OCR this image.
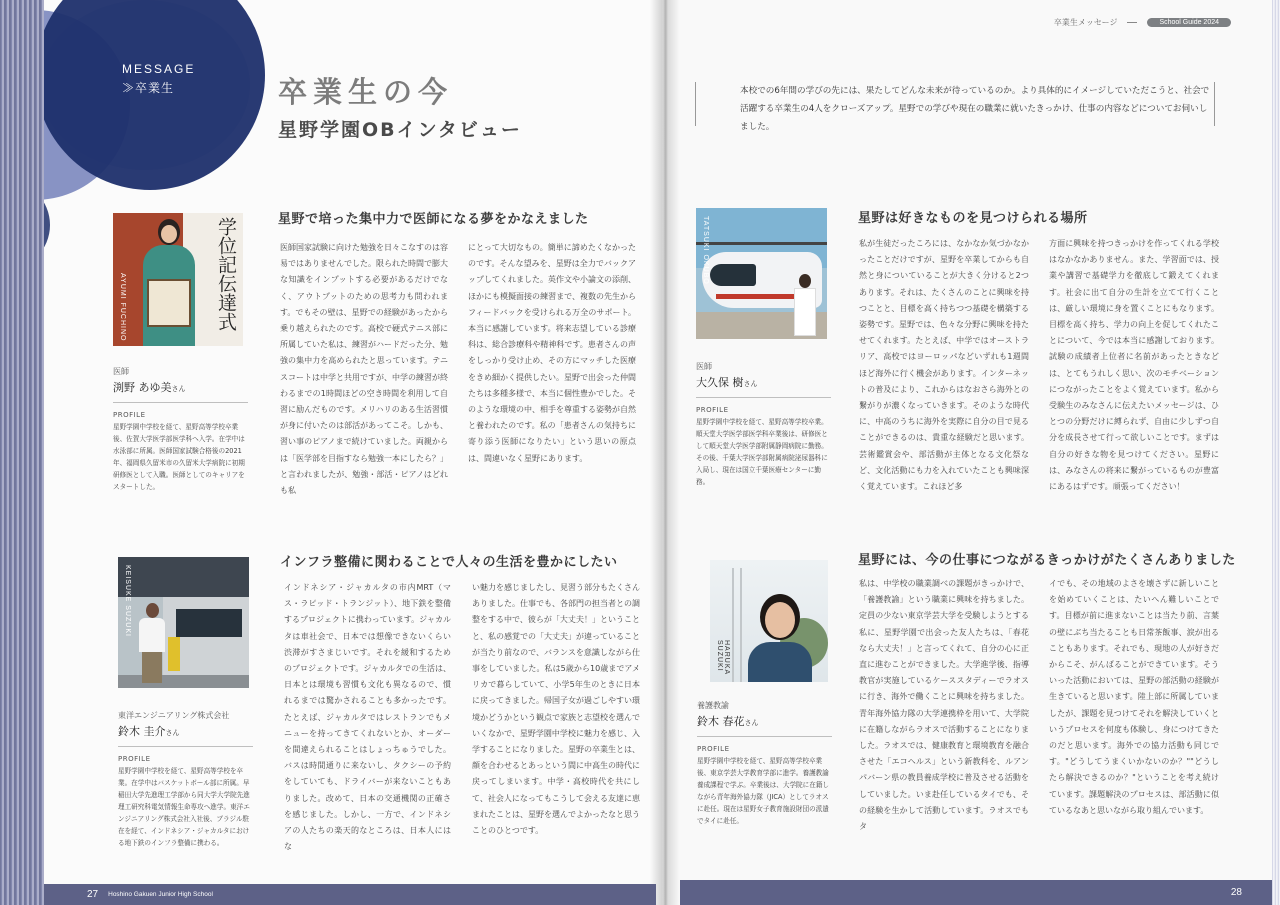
MESSAGE
≫卒業生	卒業生の今
星野学園OBインタビュー
学位記伝達式
AYUMI FUCHINO
星野で培った集中力で医師になる夢をかなえました
医師
渕野 あゆ美さん
PROFILE
星野学園中学校を経て、星野高等学校卒業後、佐賀大学医学部医学科へ入学。在学中は水泳部に所属。医師国家試験合格後の2021年、福岡県久留米市の久留米大学病院に初期研修医として入職。医師としてのキャリアをスタートした。
医師国家試験に向けた勉強を日々こなすのは容易ではありませんでした。限られた時間で膨大な知識をインプットする必要があるだけでなく、アウトプットのための思考力も問われます。でもその壁は、星野での経験があったから乗り越えられたのです。高校で硬式テニス部に所属していた私は、練習がハードだった分、勉強の集中力を高められたと思っています。テニスコートは中学と共用ですが、中学の練習が終わるまでの1時間ほどの空き時間を利用して自習に励んだものです。メリハリのある生活習慣が身に付いたのは部活があってこそ。しかも、習い事のピアノまで続けていました。両親からは「医学部を目指すなら勉強一本にしたら？」と言われましたが、勉強・部活・ピアノはどれも私
にとって大切なもの。簡単に諦めたくなかったのです。そんな望みを、星野は全力でバックアップしてくれました。英作文や小論文の添削、ほかにも模擬面接の練習まで、複数の先生からフィードバックを受けられる万全のサポート。本当に感謝しています。将来志望している診療科は、総合診療科や精神科です。患者さんの声をしっかり受け止め、その方にマッチした医療をきめ細かく提供したい。星野で出会った仲間たちは多種多様で、本当に個性豊かでした。そのような環境の中、相手を尊重する姿勢が自然と養われたのです。私の「患者さんの気持ちに寄り添う医師になりたい」という思いの原点は、間違いなく星野にあります。
KEISUKE SUZUKI
インフラ整備に関わることで人々の生活を豊かにしたい
東洋エンジニアリング株式会社
鈴木 圭介さん
PROFILE
星野学園中学校を経て、星野高等学校を卒業。在学中はバスケットボール部に所属。早稲田大学先進理工学部から同大学大学院先進理工研究科電気情報生命専攻へ進学。東洋エンジニアリング株式会社入社後、ブラジル駐在を経て、インドネシア・ジャカルタにおける地下鉄のインフラ整備に携わる。
インドネシア・ジャカルタの市内MRT（マス・ラピッド・トランジット）、地下鉄を整備するプロジェクトに携わっています。ジャカルタは車社会で、日本では想像できないくらい渋滞がすさまじいです。それを緩和するためのプロジェクトです。ジャカルタでの生活は、日本とは環境も習慣も文化も異なるので、慣れるまでは驚かされることも多かったです。たとえば、ジャカルタではレストランでもメニューを持ってきてくれないとか、オーダーを間違えられることはしょっちゅうでした。バスは時間通りに来ないし、タクシーの予約をしていても、ドライバーが来ないこともありました。改めて、日本の交通機関の正確さを感じました。しかし、一方で、インドネシアの人たちの楽天的なところは、日本人にはな
い魅力を感じましたし、見習う部分もたくさんありました。仕事でも、各部門の担当者との調整をする中で、彼らが「大丈夫！」ということと、私の感覚での「大丈夫」が違っていることが当たり前なので、バランスを意識しながら仕事をしていました。私は5歳から10歳までアメリカで暮らしていて、小学5年生のときに日本に戻ってきました。帰国子女が過ごしやすい環境かどうかという観点で家族と志望校を選んでいくなかで、星野学園中学校に魅力を感じ、入学することになりました。星野の卒業生とは、顔を合わせるとあっという間に中高生の時代に戻ってしまいます。中学・高校時代を共にして、社会人になってもこうして会える友達に恵まれたことは、星野を選んでよかったなと思うことのひとつです。
卒業生メッセージ	School Guide 2024
本校での6年間の学びの先には、果たしてどんな未来が待っているのか。より具体的にイメージしていただこうと、社会で活躍する卒業生の4人をクローズアップ。星野での学びや現在の職業に就いたきっかけ、仕事の内容などについてお伺いしました。
TATSUKI OKUBO	星野は好きなものを見つけられる場所
医師
大久保 樹さん
PROFILE
星野学園中学校を経て、星野高等学校卒業。順天堂大学医学部医学科卒業後は、研修医として順天堂大学医学部附属静岡病院に勤務。その後、千葉大学医学部附属病院泌尿器科に入局し、現在は国立千葉医療センターに勤務。
私が生徒だったころには、なかなか気づかなかったことだけですが、星野を卒業してからも自然と身についていることが大きく分けると2つあります。それは、たくさんのことに興味を持つことと、目標を高く持ちつつ基礎を構築する姿勢です。星野では、色々な分野に興味を持たせてくれます。たとえば、中学ではオーストラリア、高校ではヨーロッパなどいずれも1週間ほど海外に行く機会があります。インターネットの普及により、これからはなおさら海外との繋がりが濃くなっていきます。そのような時代に、中高のうちに海外を実際に自分の目で見ることができるのは、貴重な経験だと思います。芸術鑑賞会や、部活動が主体となる文化祭など、文化活動にも力を入れていたことも興味深く覚えています。これほど多
方面に興味を持つきっかけを作ってくれる学校はなかなかありません。また、学習面では、授業や講習で基礎学力を徹底して鍛えてくれます。社会に出て自分の生計を立てて行くことは、厳しい環境に身を置くことにもなります。目標を高く持ち、学力の向上を促してくれたことについて、今では本当に感謝しております。試験の成績者上位者に名前があったときなどは、とてもうれしく思い、次のモチベーションにつながったことをよく覚えています。私から受験生のみなさんに伝えたいメッセージは、ひとつの分野だけに縛られず、自由に少しずつ自分を成長させて行って欲しいことです。まずは自分の好きな物を見つけてください。星野には、みなさんの将来に繋がっているものが豊富にあるはずです。頑張ってください！
HARUKA SUZUKI
星野には、今の仕事につながるきっかけがたくさんありました
養護教諭
鈴木 春花さん
PROFILE
星野学園中学校を経て、星野高等学校卒業後、東京学芸大学教育学部に進学。養護教諭養成課程で学ぶ。卒業後は、大学院に在籍しながら青年海外協力隊（JICA）としてラオスに赴任。現在は星野女子教育施設財団の派遣でタイに赴任。
私は、中学校の職業調べの課題がきっかけで、「養護教諭」という職業に興味を持ちました。定員の少ない東京学芸大学を受験しようとする私に、星野学園で出会った友人たちは、「春花なら大丈夫！」と言ってくれて、自分の心に正直に進むことができました。大学進学後、指導教官が実施しているケーススタディーでラオスに行き、海外で働くことに興味を持ちました。青年海外協力隊の大学連携枠を用いて、大学院に在籍しながらラオスで活動することになりました。ラオスでは、健康教育と環境教育を融合させた「エコヘルス」という新教科を、ルアンパバーン県の教員養成学校に普及させる活動をしていました。いま赴任しているタイでも、その経験を生かして活動しています。ラオスでもタ
イでも、その地域のよさを壊さずに新しいことを始めていくことは、たいへん難しいことです。目標が前に進まないことは当たり前、言葉の壁にぶち当たることも日常茶飯事、涙が出ることもあります。それでも、現地の人が好きだからこそ、がんばることができています。そういった活動においては、星野の部活動の経験が生きていると思います。陸上部に所属していましたが、課題を見つけてそれを解決していくというプロセスを何度も体験し、身につけてきたのだと思います。海外での協力活動も同じです。"どうしてうまくいかないのか？""どうしたら解決できるのか？"ということを考え続けています。課題解決のプロセスは、部活動に似ているなあと思いながら取り組んでいます。
27 Hoshino Gakuen Junior High School	28
